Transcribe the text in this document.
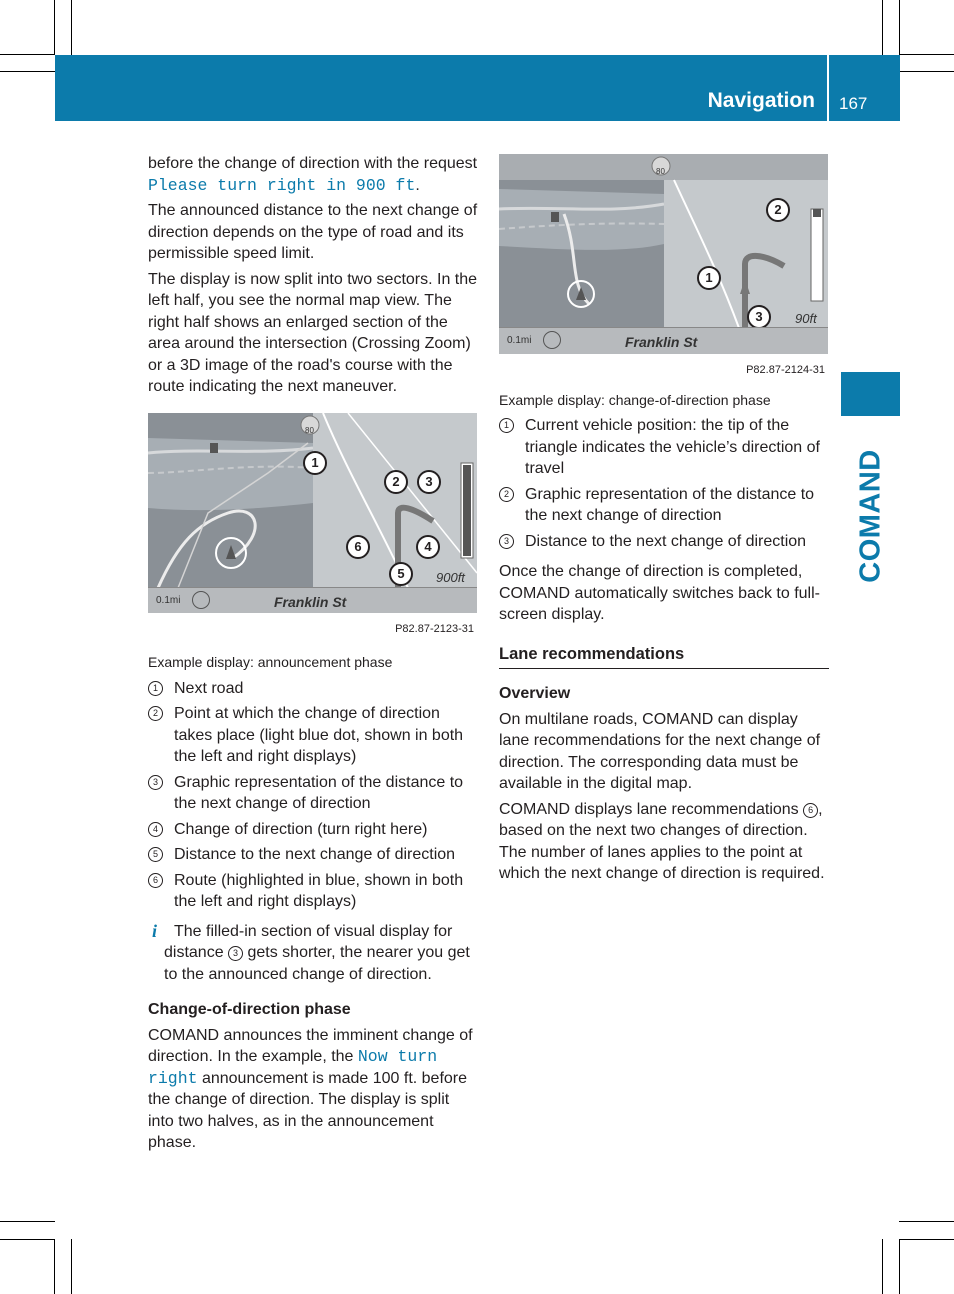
Navigation 167
COMAND

before the change of direction with the request Please turn right in 900 ft.

The announced distance to the next change of direction depends on the type of road and its permissible speed limit.

The display is now split into two sectors. In the left half, you see the normal map view. The right half shows an enlarged section of the area around the intersection (Crossing Zoom) or a 3D image of the road's course with the route indicating the next maneuver.

80
1
2	3
6	4
5	900ft
0.1mi	Franklin St
P82.87-2123-31
Example display: announcement phase
1	Next road
2	Point at which the change of direction takes place (light blue dot, shown in both the left and right displays)
3	Graphic representation of the distance to the next change of direction
4	Change of direction (turn right here)
5	Distance to the next change of direction
6	Route (highlighted in blue, shown in both the left and right displays)
i	The filled-in section of visual display for distance 3 gets shorter, the nearer you get to the announced change of direction.
Change-of-direction phase

COMAND announces the imminent change of direction. In the example, the Now turn right announcement is made 100 ft. before the change of direction. The display is split into two halves, as in the announcement phase.

80
2
1
3	90ft
0.1mi	Franklin St
P82.87-2124-31
Example display: change-of-direction phase
1	Current vehicle position: the tip of the triangle indicates the vehicle’s direction of travel
2	Graphic representation of the distance to the next change of direction
3	Distance to the next change of direction

Once the change of direction is completed, COMAND automatically switches back to full-screen display.

Lane recommendations
Overview

On multilane roads, COMAND can display lane recommendations for the next change of direction. The corresponding data must be available in the digital map.

COMAND displays lane recommendations 6 , based on the next two changes of direction. The number of lanes applies to the point at which the next change of direction is required.
